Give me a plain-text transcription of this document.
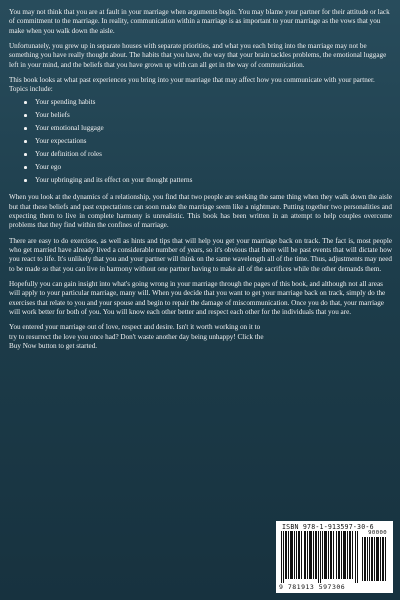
You may not think that you are at fault in your marriage when arguments begin. You may blame your partner for their attitude or lack of commitment to the marriage. In reality, communication within a marriage is as important to your marriage as the vows that you make when you walk down the aisle.

Unfortunately, you grew up in separate houses with separate priorities, and what you each bring into the marriage may not be something you have really thought about. The habits that you have, the way that your brain tackles problems, the emotional luggage left in your mind, and the beliefs that you have grown up with can all get in the way of communication.

This book looks at what past experiences you bring into your marriage that may affect how you communicate with your partner. Topics include:

Your spending habits
Your beliefs
Your emotional luggage
Your expectations
Your definition of roles
Your ego
Your upbringing and its effect on your thought patterns

When you look at the dynamics of a relationship, you find that two people are seeking the same thing when they walk down the aisle but that these beliefs and past expectations can soon make the marriage seem like a nightmare. Putting together two personalities and expecting them to live in complete harmony is unrealistic. This book has been written in an attempt to help couples overcome problems that they find within the confines of marriage.

There are easy to do exercises, as well as hints and tips that will help you get your marriage back on track. The fact is, most people who get married have already lived a considerable number of years, so it's obvious that there will be past events that will dictate how you react to life. It's unlikely that you and your partner will think on the same wavelength all of the time. Thus, adjustments may need to be made so that you can live in harmony without one partner having to make all of the sacrifices while the other demands them.

Hopefully you can gain insight into what's going wrong in your marriage through the pages of this book, and although not all areas will apply to your particular marriage, many will. When you decide that you want to get your marriage back on track, simply do the exercises that relate to you and your spouse and begin to repair the damage of miscommunication. Once you do that, your marriage will work better for both of you. You will know each other better and respect each other for the individuals that you are.

You entered your marriage out of love, respect and desire. Isn't it worth working on it to try to resurrect the love you once had? Don't waste another day being unhappy! Click the Buy Now button to get started.

ISBN 978-1-913597-30-6
90000
9 781913 597306
